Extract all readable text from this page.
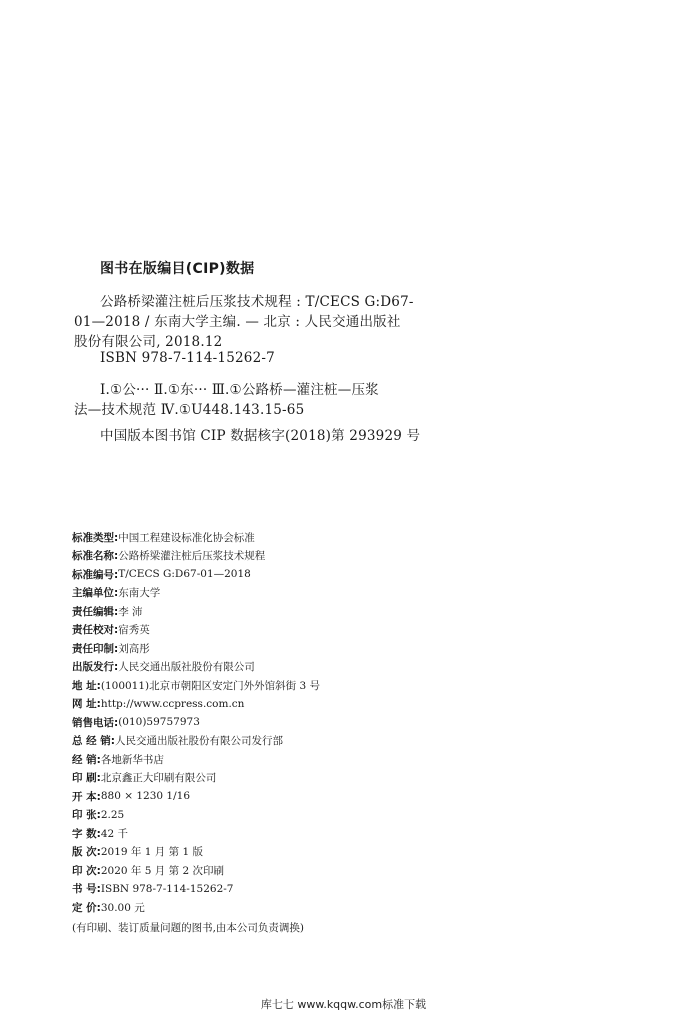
图书在版编目(CIP)数据
公路桥梁灌注桩后压浆技术规程 : T/CECS G:D67-
01—2018 / 东南大学主编. — 北京 : 人民交通出版社
股份有限公司, 2018.12
ISBN 978-7-114-15262-7
Ⅰ.①公··· Ⅱ.①东··· Ⅲ.①公路桥—灌注桩—压浆
法—技术规范 Ⅳ.①U448.143.15-65
中国版本图书馆 CIP 数据核字(2018)第 293929 号
标准类型: 中国工程建设标准化协会标准
标准名称: 公路桥梁灌注桩后压浆技术规程
标准编号: T/CECS G:D67-01—2018
主编单位: 东南大学
责任编辑: 李 沛
责任校对: 宿秀英
责任印制: 刘高彤
出版发行: 人民交通出版社股份有限公司
地 址: (100011)北京市朝阳区安定门外外馆斜街 3 号
网 址: http://www.ccpress.com.cn
销售电话: (010)59757973
总 经 销: 人民交通出版社股份有限公司发行部
经 销: 各地新华书店
印 刷: 北京鑫正大印刷有限公司
开 本: 880 × 1230 1/16
印 张: 2.25
字 数: 42 千
版 次: 2019 年 1 月 第 1 版
印 次: 2020 年 5 月 第 2 次印刷
书 号: ISBN 978-7-114-15262-7
定 价: 30.00 元
(有印刷、装订质量问题的图书,由本公司负责调换)
库七七 www.kqqw.com标准下载
